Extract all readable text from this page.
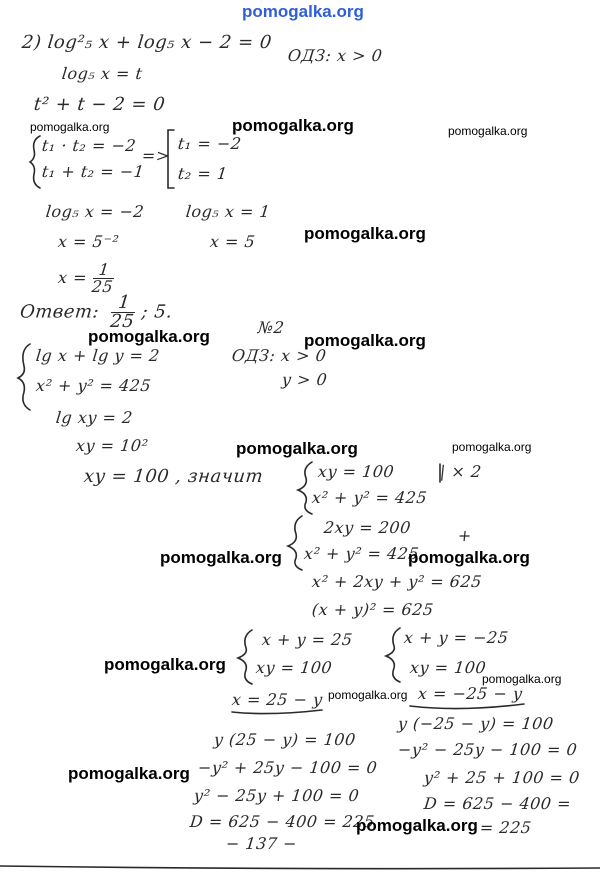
pomogalka.org
2) log²₅ x + log₅ x − 2 = 0
ОДЗ: x > 0
log₅ x = t
t² + t − 2 = 0
t₁ · t₂ = −2
t₁ + t₂ = −1
=>
t₁ = −2
t₂ = 1
log₅ x = −2
x = 5⁻²
$x = \frac{1}{25}$
log₅ x = 1
x = 5
Ответ: $\frac{1}{25}$ ; 5.
№2
lg x + lg y = 2
x² + y² = 425
ОДЗ: x > 0
y > 0
lg xy = 2
xy = 10²
xy = 100 , значит	xy = 100
x² + y² = 425
| × 2
2xy = 200
x² + y² = 425
+
x² + 2xy + y² = 625
(x + y)² = 625
x + y = 25
xy = 100
x + y = −25
xy = 100
x = 25 − y	x = −25 − y
y (25 − y) = 100
−y² + 25y − 100 = 0
y² − 25y + 100 = 0
D = 625 − 400 = 225
y (−25 − y) = 100
−y² − 25y − 100 = 0
y² + 25 + 100 = 0
D = 625 − 400 =
= 225
− 137 −
pomogalka.org
pomogalka.org	pomogalka.org
pomogalka.org
pomogalka.org	pomogalka.org
pomogalka.org	pomogalka.org
pomogalka.org	pomogalka.org
pomogalka.org
pomogalka.org
pomogalka.org
pomogalka.org
pomogalka.org
